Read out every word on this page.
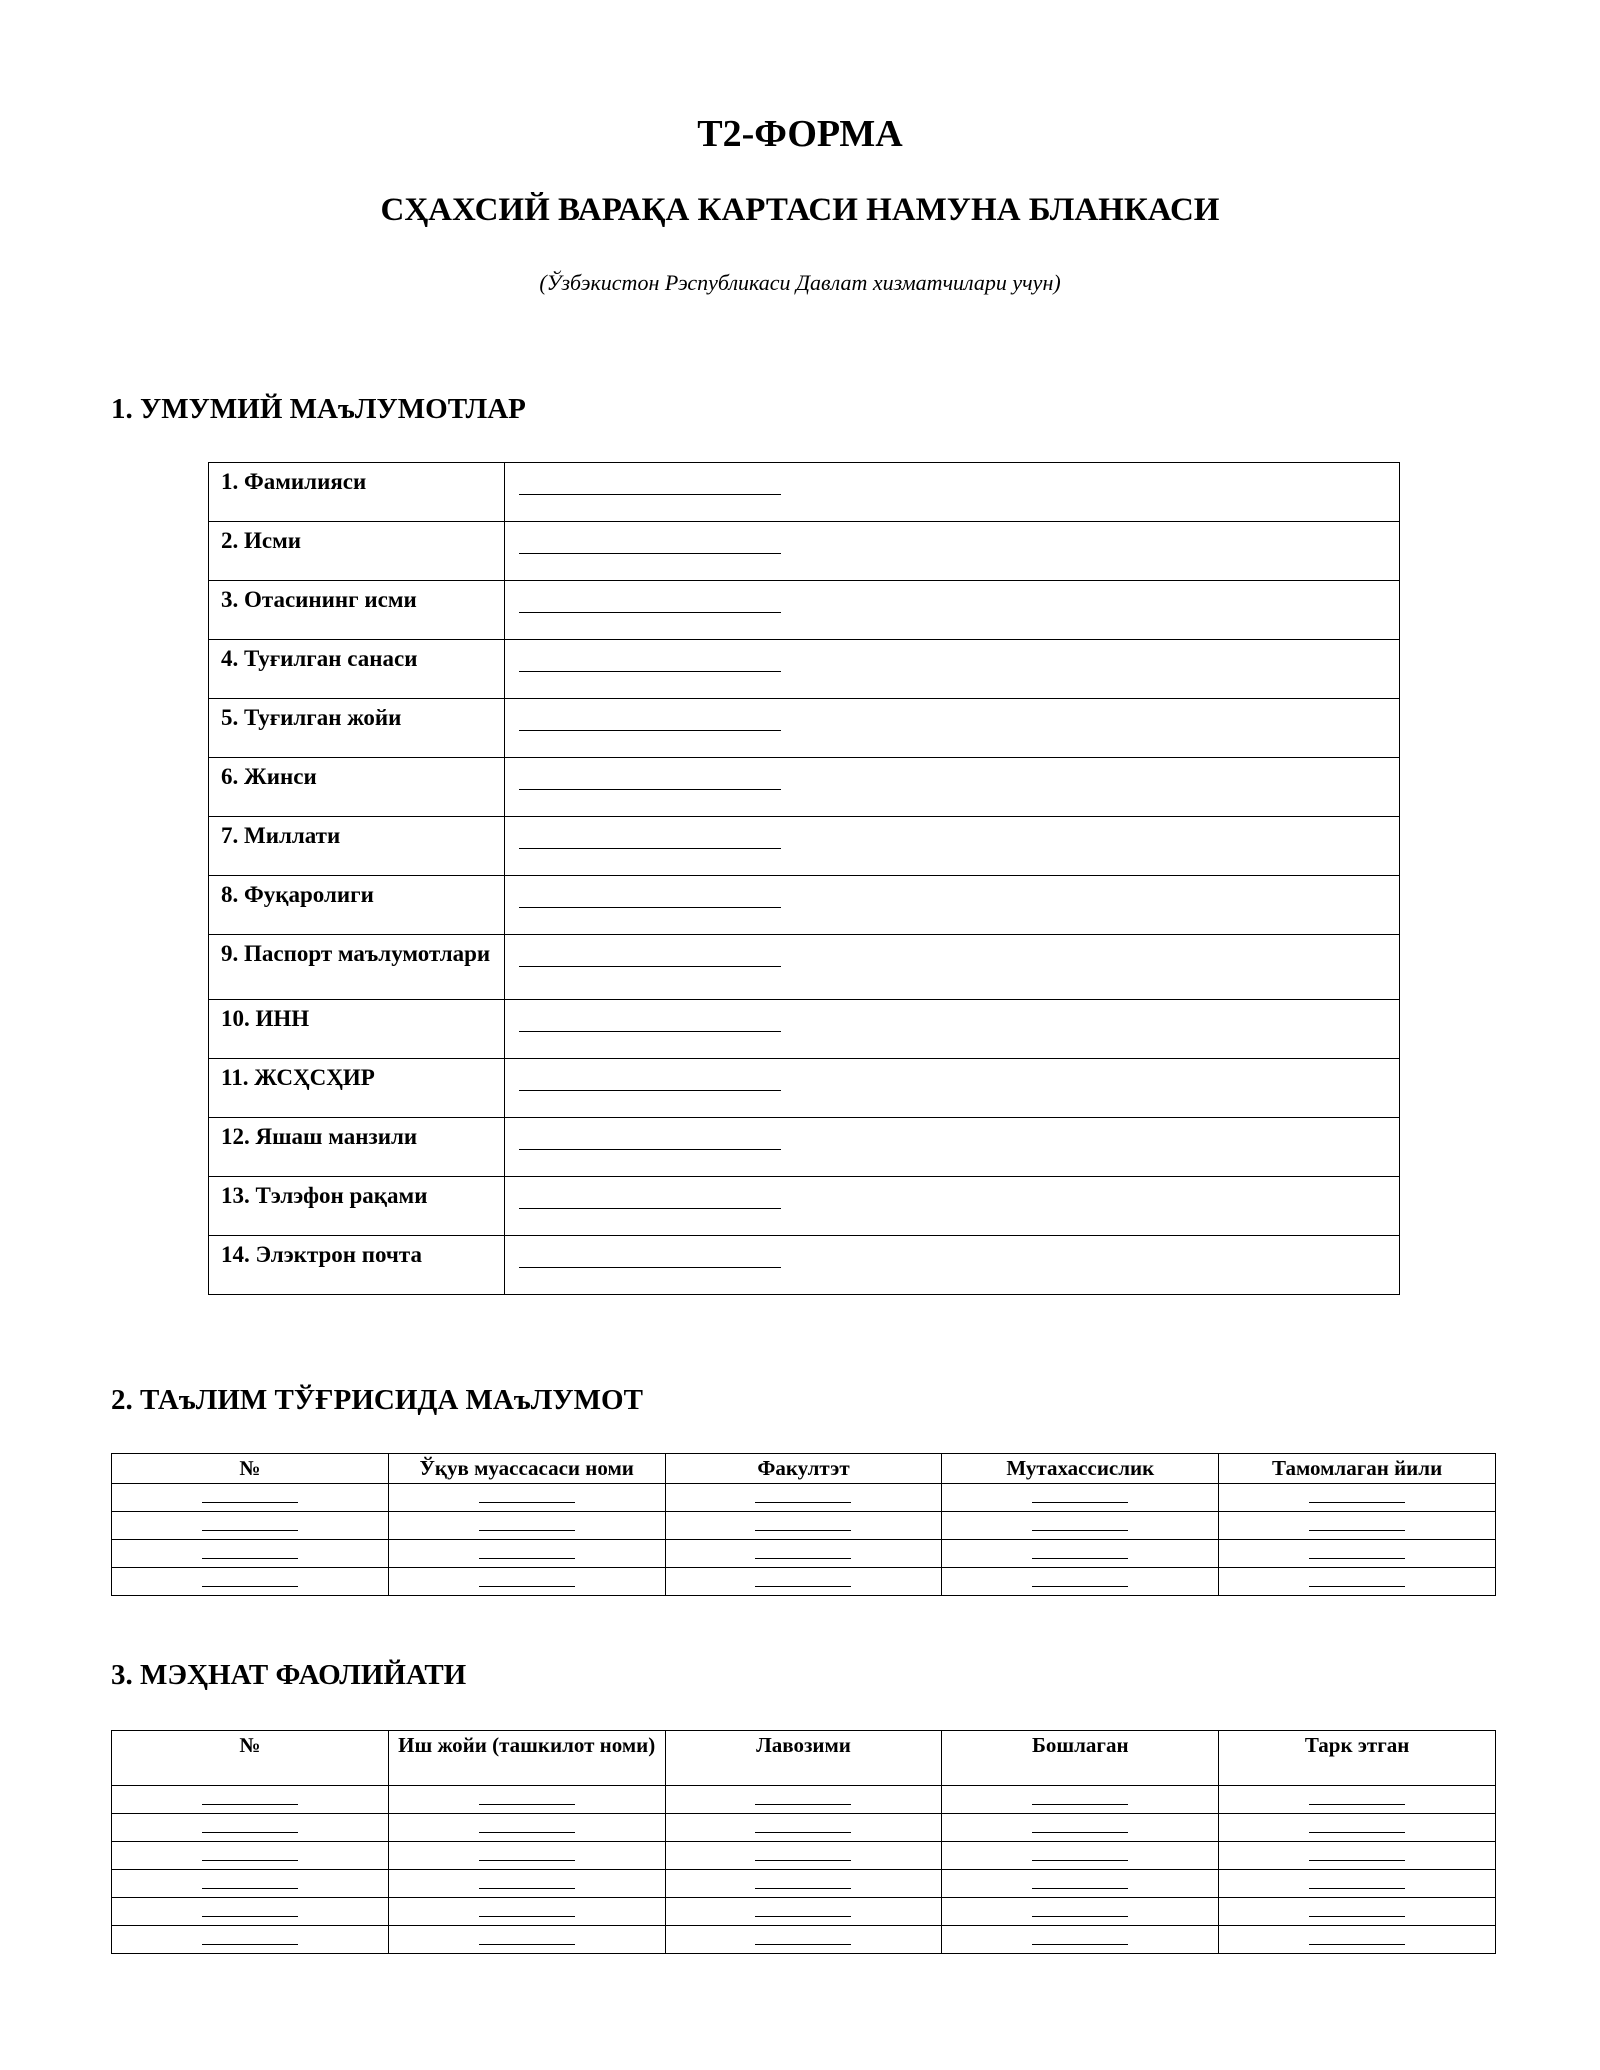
Т2-ФОРМА
СҲАХСИЙ ВАРАҚА КАРТАСИ НАМУНА БЛАНКАСИ

(Ўзбэкистон Рэспубликаси Давлат хизматчилари учун)

1. УМУМИЙ МАъЛУМОТЛАР
1. Фамилияси	
2. Исми	
3. Отасининг исми	
4. Туғилган санаси	
5. Туғилган жойи	
6. Жинси	
7. Миллати	
8. Фуқаролиги	
9. Паспорт маълумотлари	
10. ИНН	
11. ЖСҲСҲИР	
12. Яшаш манзили	
13. Тэлэфон рақами	
14. Элэктрон почта	
2. ТАъЛИМ ТЎҒРИСИДА МАъЛУМОТ
№	Ўқув муассасаси номи	Факултэт	Мутахассислик	Тамомлаган йили

3. МЭҲНАТ ФАОЛИЙАТИ
№	Иш жойи (ташкилот номи)	Лавозими	Бошлаган	Тарк этган
